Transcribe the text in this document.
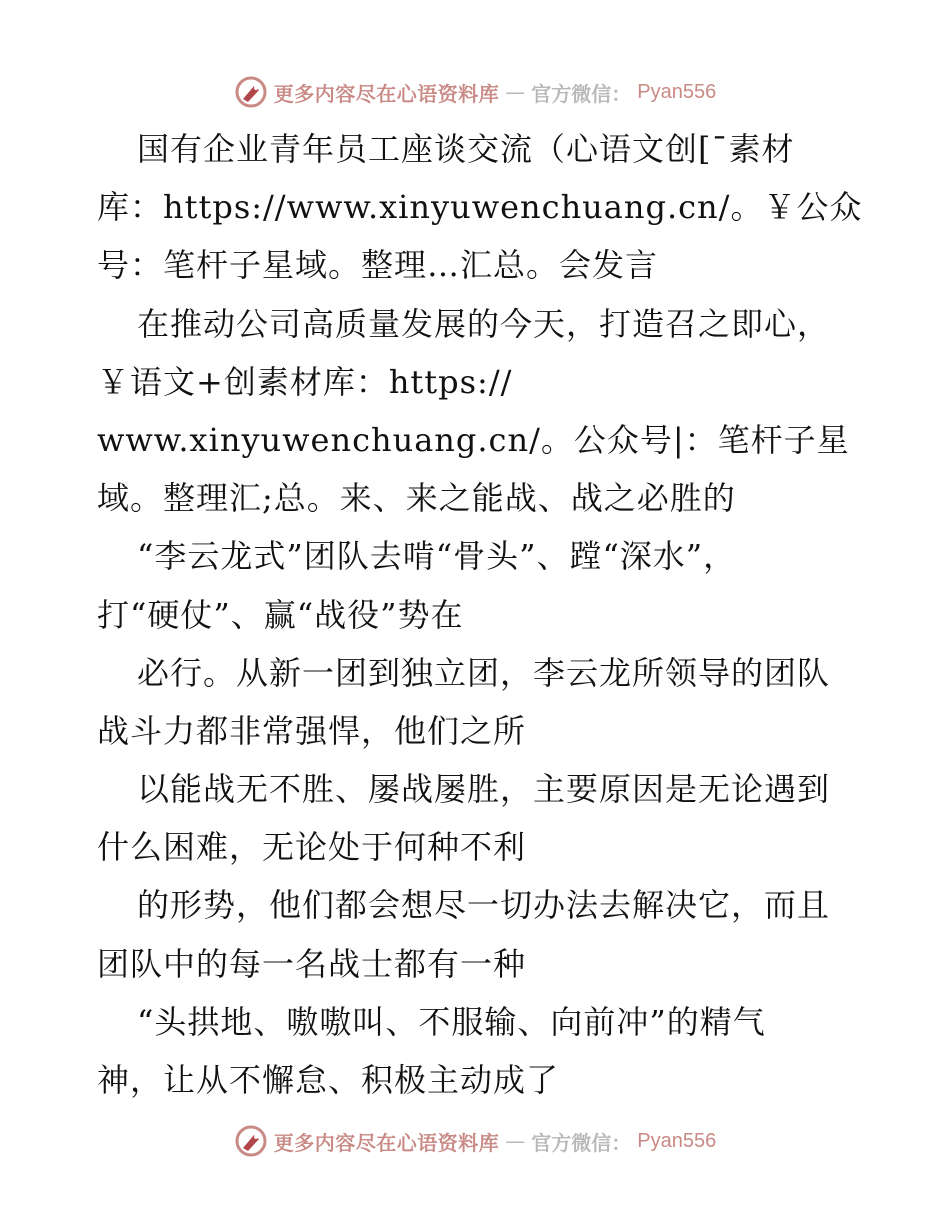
更多内容尽在心语资料库 — 官方微信： Pyan556
国有企业青年员工座谈交流（心语文创[ˉ素材
库：https://www.xinyuwenchuang.cn/。￥公众
号：笔杆子星域。整理…汇总。会发言
在推动公司高质量发展的今天，打造召之即心，
￥语文+创素材库：https://
www.xinyuwenchuang.cn/。公众号|：笔杆子星
域。整理汇;总。来、来之能战、战之必胜的
“李云龙式”团队去啃“骨头”、蹚“深水”，
打“硬仗”、赢“战役”势在
必行。从新一团到独立团，李云龙所领导的团队
战斗力都非常强悍，他们之所
以能战无不胜、屡战屡胜，主要原因是无论遇到
什么困难，无论处于何种不利
的形势，他们都会想尽一切办法去解决它，而且
团队中的每一名战士都有一种
“头拱地、嗷嗷叫、不服输、向前冲”的精气
神，让从不懈怠、积极主动成了
更多内容尽在心语资料库 — 官方微信： Pyan556
